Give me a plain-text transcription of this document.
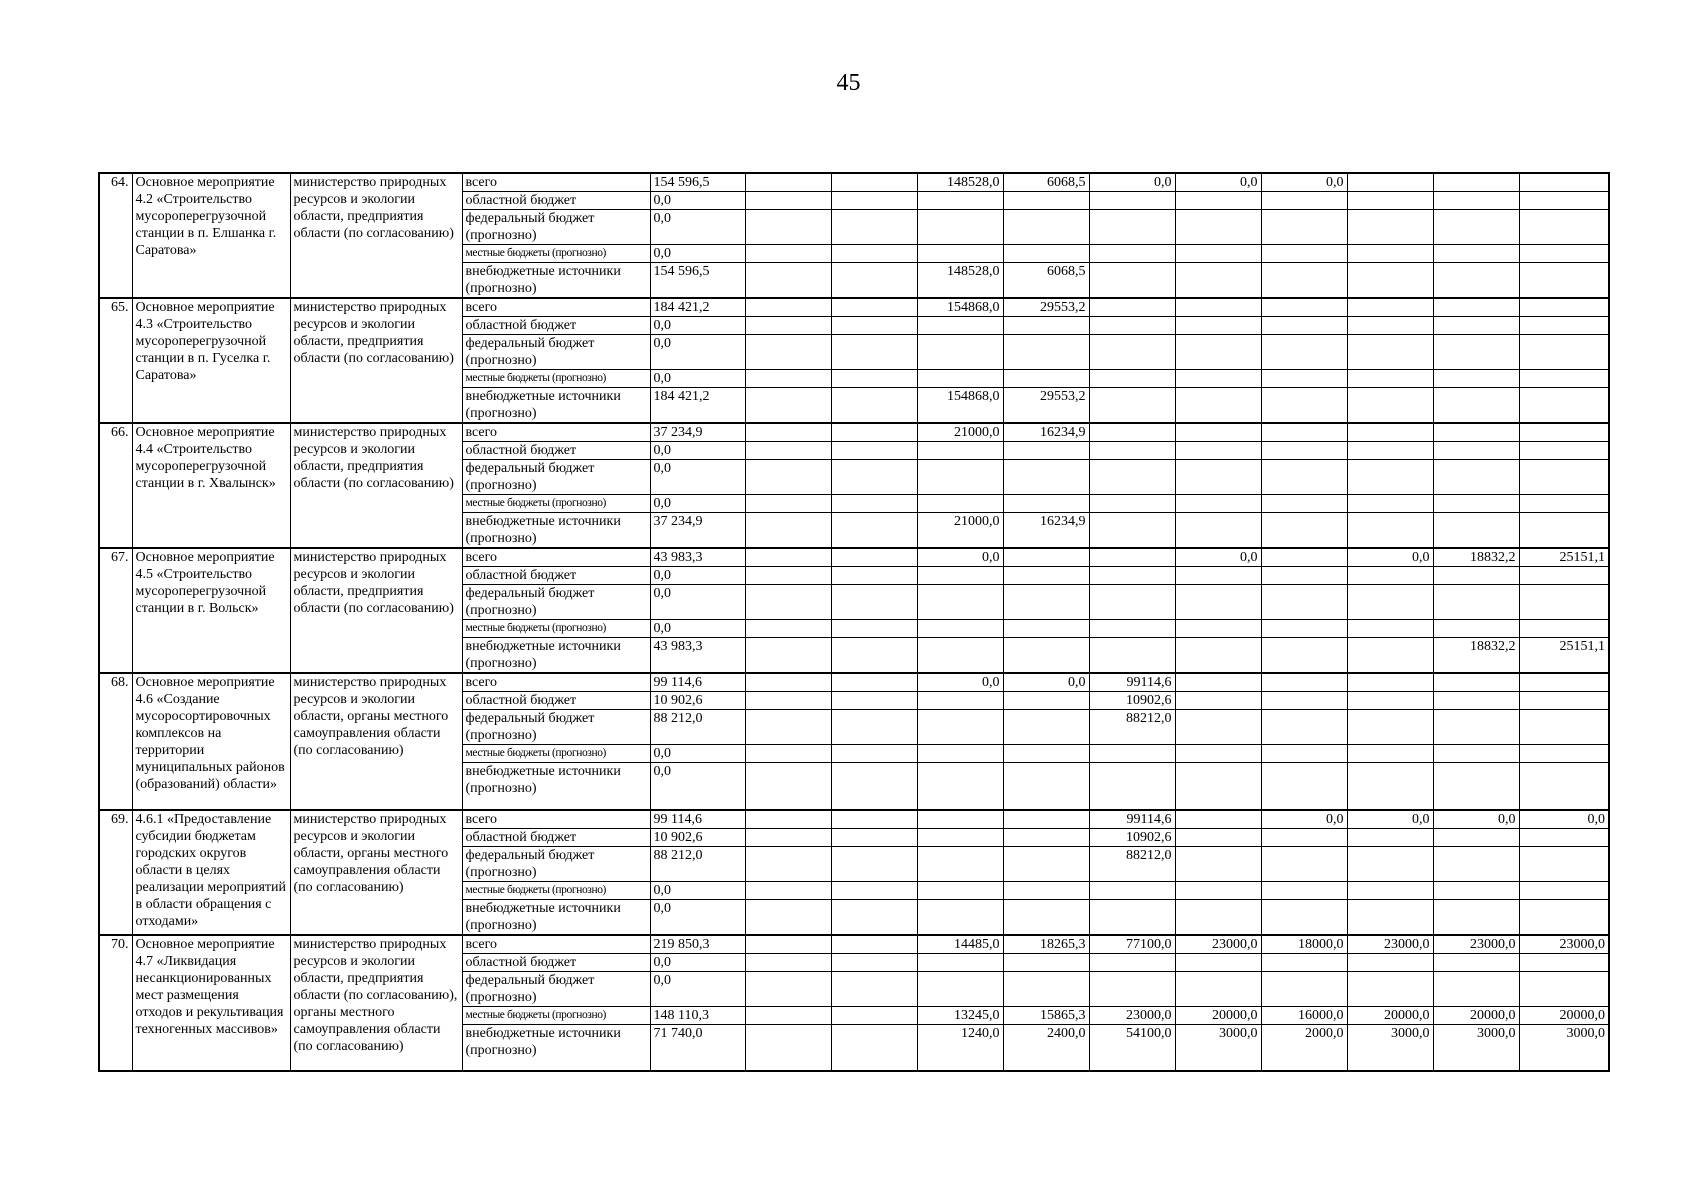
45
64.	Основное мероприятие 4.2 «Строительство мусороперегрузочной станции в п. Елшанка г. Саратова»	министерство природных ресурсов и экологии области, предприятия области (по согласованию)	всего	154 596,5			148528,0	6068,5	0,0	0,0	0,0			
			областной бюджет	0,0										
			федеральный бюджет (прогнозно)	0,0										
			местные бюджеты (прогнозно)	0,0										
			внебюджетные источники (прогнозно)	154 596,5			148528,0	6068,5						
65.	Основное мероприятие 4.3 «Строительство мусороперегрузочной станции в п. Гуселка г. Саратова»	министерство природных ресурсов и экологии области, предприятия области (по согласованию)	всего	184 421,2			154868,0	29553,2						
			областной бюджет	0,0										
			федеральный бюджет (прогнозно)	0,0										
			местные бюджеты (прогнозно)	0,0										
			внебюджетные источники (прогнозно)	184 421,2			154868,0	29553,2						
66.	Основное мероприятие 4.4 «Строительство мусороперегрузочной станции в г. Хвалынск»	министерство природных ресурсов и экологии области, предприятия области (по согласованию)	всего	37 234,9			21000,0	16234,9						
			областной бюджет	0,0										
			федеральный бюджет (прогнозно)	0,0										
			местные бюджеты (прогнозно)	0,0										
			внебюджетные источники (прогнозно)	37 234,9			21000,0	16234,9						
67.	Основное мероприятие 4.5 «Строительство мусороперегрузочной станции в г. Вольск»	министерство природных ресурсов и экологии области, предприятия области (по согласованию)	всего	43 983,3			0,0			0,0		0,0	18832,2	25151,1
			областной бюджет	0,0										
			федеральный бюджет (прогнозно)	0,0										
			местные бюджеты (прогнозно)	0,0										
			внебюджетные источники (прогнозно)	43 983,3									18832,2	25151,1
68.	Основное мероприятие 4.6 «Создание мусоросортировочных комплексов на территории муниципальных районов (образований) области»	министерство природных ресурсов и экологии области, органы местного самоуправления области (по согласованию)	всего	99 114,6			0,0	0,0	99114,6					
			областной бюджет	10 902,6					10902,6					
			федеральный бюджет (прогнозно)	88 212,0					88212,0					
			местные бюджеты (прогнозно)	0,0										
			внебюджетные источники (прогнозно)	0,0										
69.	4.6.1 «Предоставление субсидии бюджетам городских округов области в целях реализации мероприятий в области обращения с отходами»	министерство природных ресурсов и экологии области, органы местного самоуправления области (по согласованию)	всего	99 114,6					99114,6		0,0	0,0	0,0	0,0
			областной бюджет	10 902,6					10902,6					
			федеральный бюджет (прогнозно)	88 212,0					88212,0					
			местные бюджеты (прогнозно)	0,0										
			внебюджетные источники (прогнозно)	0,0										
70.	Основное мероприятие 4.7 «Ликвидация несанкционированных мест размещения отходов и рекультивация техногенных массивов»	министерство природных ресурсов и экологии области, предприятия области (по согласованию), органы местного самоуправления области (по согласованию)	всего	219 850,3			14485,0	18265,3	77100,0	23000,0	18000,0	23000,0	23000,0	23000,0
			областной бюджет	0,0										
			федеральный бюджет (прогнозно)	0,0										
			местные бюджеты (прогнозно)	148 110,3			13245,0	15865,3	23000,0	20000,0	16000,0	20000,0	20000,0	20000,0
			внебюджетные источники (прогнозно)	71 740,0			1240,0	2400,0	54100,0	3000,0	2000,0	3000,0	3000,0	3000,0
